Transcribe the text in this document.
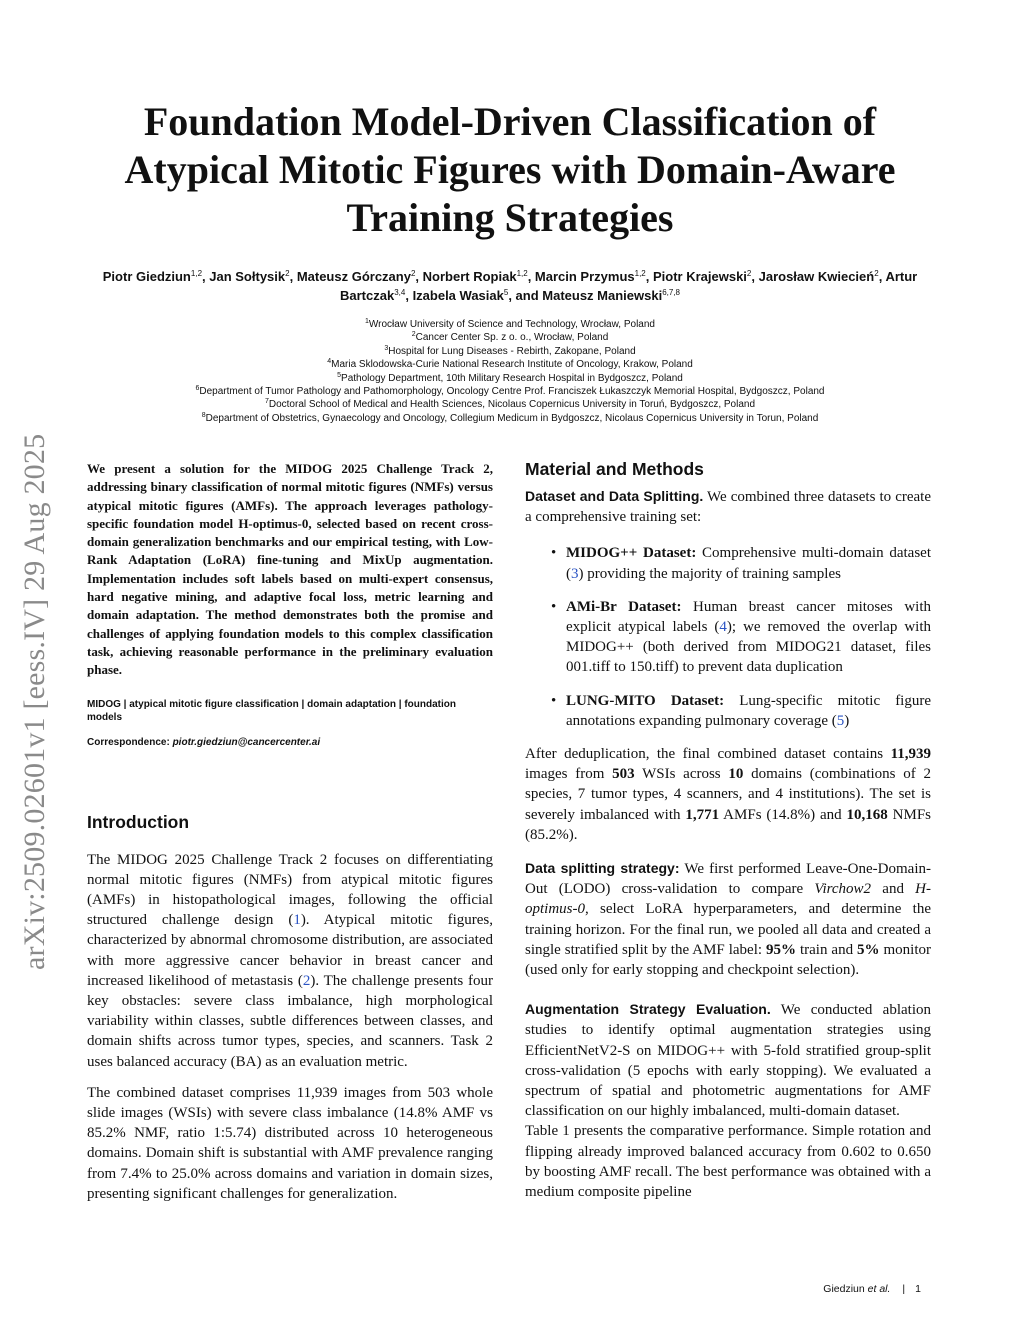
arXiv:2509.02601v1 [eess.IV] 29 Aug 2025
Foundation Model-Driven Classification of Atypical Mitotic Figures with Domain-Aware Training Strategies
Piotr Giedziun$^{1,2}$, Jan Sołtysik$^2$, Mateusz Górczany$^2$, Norbert Ropiak$^{1,2}$, Marcin Przymus$^{1,2}$, Piotr Krajewski$^2$, Jarosław Kwiecień$^2$, Artur Bartczak$^{3,4}$, Izabela Wasiak$^5$, and Mateusz Maniewski$^{6,7,8}$
$^1$Wrocław University of Science and Technology, Wrocław, Poland
$^2$Cancer Center Sp. z o. o., Wrocław, Poland
$^3$Hospital for Lung Diseases - Rebirth, Zakopane, Poland
$^4$Maria Sklodowska-Curie National Research Institute of Oncology, Krakow, Poland
$^5$Pathology Department, 10th Military Research Hospital in Bydgoszcz, Poland
$^6$Department of Tumor Pathology and Pathomorphology, Oncology Centre Prof. Franciszek Łukaszczyk Memorial Hospital, Bydgoszcz, Poland
$^7$Doctoral School of Medical and Health Sciences, Nicolaus Copernicus University in Toruń, Bydgoszcz, Poland
$^8$Department of Obstetrics, Gynaecology and Oncology, Collegium Medicum in Bydgoszcz, Nicolaus Copernicus University in Torun, Poland

We present a solution for the MIDOG 2025 Challenge Track 2, addressing binary classification of normal mitotic figures (NMFs) versus atypical mitotic figures (AMFs). The approach leverages pathology-specific foundation model H-optimus-0, selected based on recent cross-domain generalization benchmarks and our empirical testing, with Low-Rank Adaptation (LoRA) fine-tuning and MixUp augmentation. Implementation includes soft labels based on multi-expert consensus, hard negative mining, and adaptive focal loss, metric learning and domain adaptation. The method demonstrates both the promise and challenges of applying foundation models to this complex classification task, achieving reasonable performance in the preliminary evaluation phase.

MIDOG | atypical mitotic figure classification | domain adaptation | foundation models

Correspondence: piotr.giedziun@cancercenter.ai

Introduction

The MIDOG 2025 Challenge Track 2 focuses on differentiating normal mitotic figures (NMFs) from atypical mitotic figures (AMFs) in histopathological images, following the official structured challenge design (1). Atypical mitotic figures, characterized by abnormal chromosome distribution, are associated with more aggressive cancer behavior in breast cancer and increased likelihood of metastasis (2). The challenge presents four key obstacles: severe class imbalance, high morphological variability within classes, subtle differences between classes, and domain shifts across tumor types, species, and scanners. Task 2 uses balanced accuracy (BA) as an evaluation metric.

The combined dataset comprises 11,939 images from 503 whole slide images (WSIs) with severe class imbalance (14.8% AMF vs 85.2% NMF, ratio 1:5.74) distributed across 10 heterogeneous domains. Domain shift is substantial with AMF prevalence ranging from 7.4% to 25.0% across domains and variation in domain sizes, presenting significant challenges for generalization.

Material and Methods

Dataset and Data Splitting. We combined three datasets to create a comprehensive training set:

• MIDOG++ Dataset: Comprehensive multi-domain dataset (3) providing the majority of training samples
• AMi-Br Dataset: Human breast cancer mitoses with explicit atypical labels (4); we removed the overlap with MIDOG++ (both derived from MIDOG21 dataset, files 001.tiff to 150.tiff) to prevent data duplication
• LUNG-MITO Dataset: Lung-specific mitotic figure annotations expanding pulmonary coverage (5)

After deduplication, the final combined dataset contains 11,939 images from 503 WSIs across 10 domains (combinations of 2 species, 7 tumor types, 4 scanners, and 4 institutions). The set is severely imbalanced with 1,771 AMFs (14.8%) and 10,168 NMFs (85.2%).

Data splitting strategy: We first performed Leave-One-Domain-Out (LODO) cross-validation to compare Virchow2 and H-optimus-0, select LoRA hyperparameters, and determine the training horizon. For the final run, we pooled all data and created a single stratified split by the AMF label: 95% train and 5% monitor (used only for early stopping and checkpoint selection).

Augmentation Strategy Evaluation. We conducted ablation studies to identify optimal augmentation strategies using EfficientNetV2-S on MIDOG++ with 5-fold stratified group-split cross-validation (5 epochs with early stopping). We evaluated a spectrum of spatial and photometric augmentations for AMF classification on our highly imbalanced, multi-domain dataset.

Table 1 presents the comparative performance. Simple rotation and flipping already improved balanced accuracy from 0.602 to 0.650 by boosting AMF recall. The best performance was obtained with a medium composite pipeline

Giedziun et al. | 1
